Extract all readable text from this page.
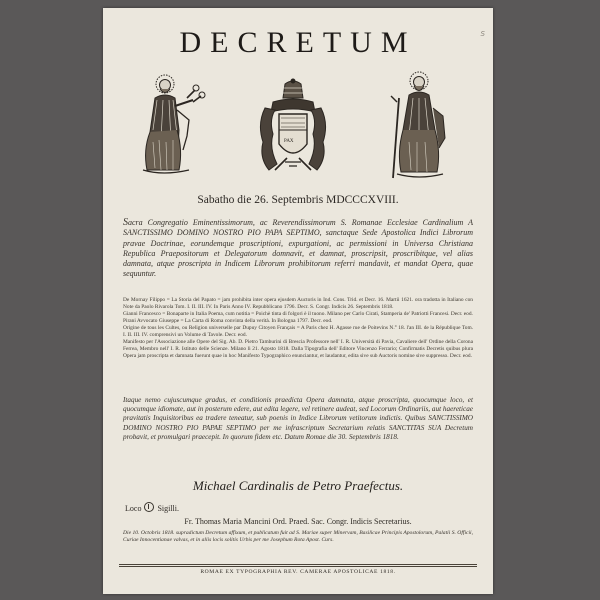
DECRETUM	S
PAX
Sabatho die 26. Septembris MDCCCXVIII.
Sacra Congregatio Eminentissimorum, ac Reverendissimorum S. Romanae Ecclesiae Cardinalium A SANCTISSIMO DOMINO NOSTRO PIO PAPA SEPTIMO, sanctaque Sede Apostolica Indici Librorum pravae Doctrinae, eorundemque proscriptioni, expurgationi, ac permissioni in Universa Christiana Republica Praepositorum et Delegatorum domnavit, et damnat, proscripsit, proscribitque, vel alias damnata, atque proscripta in Indicem Librorum prohibitorum referri mandavit, et mandat Opera, quae sequuntur.
De Mornay Filippo = La Storia del Papato = jam prohibita inter opera ejusdem Auctoris in Ind. Cons. Trid. et Decr. 16. Martii 1621. ora tradotta in Italiano con Note da Paolo Rivarola Tom. I. II. III. IV. In Paris Anno IV. Repubblicano 1796. Decr. S. Congr. Indicis 26. Septembris 1818.
Gianni Francesco = Bonaparte in Italia Poema, cum notitia = Poichè tinta di folgori è il tuono. Milano per Carlo Cirati, Stamperia de' Patriotti Francesi. Decr. eod.
Pirani Avvocato Giuseppe = La Carta di Roma convinta della verità. In Bologna 1797. Decr. eod.
Origine de tous les Cultes, ou Religion universelle par Dupuy Citoyen Français = A Paris chez H. Agasse rue de Poitevins N.° 18. l'an III. de la République Tom. I. II. III. IV. comprensivi un Volume di Tavole. Decr. eod.
Manifesto per l'Associazione alle Opere del Sig. Ab. D. Pietro Tamburini di Brescia Professore nell' I. R. Università di Pavia, Cavaliere dell' Ordine della Corona Ferrea, Membro nell' I. R. Istituto delle Scienze. Milano li 21. Agosto 1818. Dalla Tipografia dell' Editore Vincenzo Ferrario; Confirmatis Decretis quibus plura Opera jam proscripta et damnata fuerunt quae in hoc Manifesto Typographico enunciantur, et laudantur, edita sive sub Auctoris nomine sive suppresso. Decr. eod.
Itaque nemo cujuscumque gradus, et conditionis praedicta Opera damnata, atque proscripta, quocumque loco, et quocumque idiomate, aut in posterum edere, aut edita legere, vel retinere audeat, sed Locorum Ordinariis, aut haereticae pravitatis Inquisitoribus ea tradere teneatur, sub poenis in Indice Librorum vetitorum indictis. Quibus SANCTISSIMO DOMINO NOSTRO PIO PAPAE SEPTIMO per me infrascriptum Secretarium relatis SANCTITAS SUA Decretum probavit, et promulgari praecepit. In quorum fidem etc. Datum Romae die 30. Septembris 1818.
Michael Cardinalis de Petro Praefectus.
Loco Sigilli.
Fr. Thomas Maria Mancini Ord. Praed. Sac. Congr. Indicis Secretarius.
Die 10. Octobris 1818. supradictum Decretum affixum, et publicatum fuit ad S. Mariae super Minervam, Basilicae Principis Apostolorum, Palatii S. Officii, Curiae Innocentianae valvas, et in aliis locis solitis Urbis per me Josephum Rota Apost. Curs.
ROMAE EX TYPOGRAPHIA REV. CAMERAE APOSTOLICAE 1818.
